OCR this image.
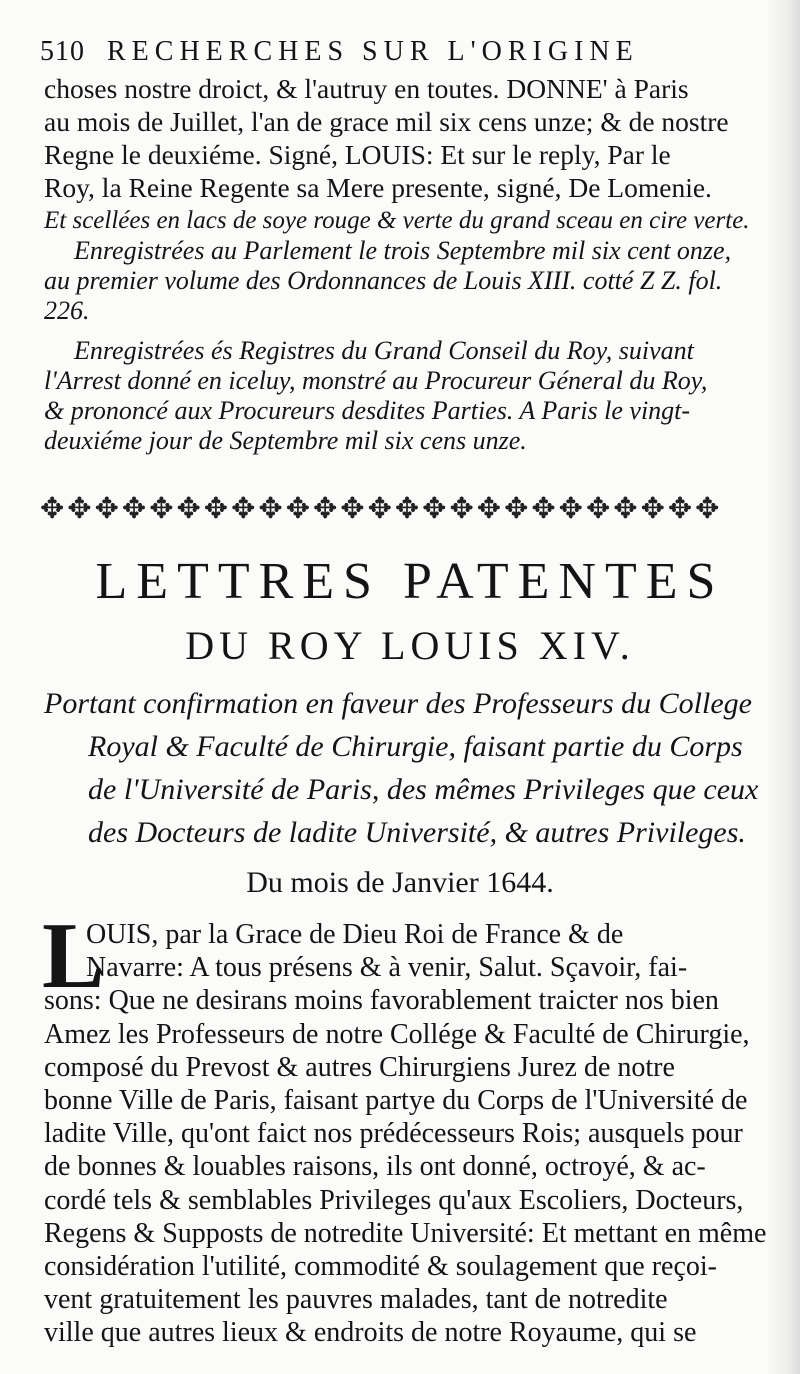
510 RECHERCHES SUR L'ORIGINE
choses nostre droict, & l'autruy en toutes. DONNE' à Paris
au mois de Juillet, l'an de grace mil six cens unze; & de nostre
Regne le deuxiéme. Signé, LOUIS: Et sur le reply, Par le
Roy, la Reine Regente sa Mere presente, signé, De Lomenie.
Et scellées en lacs de soye rouge & verte du grand sceau en cire verte.
Enregistrées au Parlement le trois Septembre mil six cent onze,
au premier volume des Ordonnances de Louis XIII. cotté Z Z. fol.
226.
Enregistrées és Registres du Grand Conseil du Roy, suivant
l'Arrest donné en iceluy, monstré au Procureur Géneral du Roy,
& prononcé aux Procureurs desdites Parties. A Paris le vingt-
deuxiéme jour de Septembre mil six cens unze.
✥✥✥✥✥✥✥✥✥✥✥✥✥✥✥✥✥✥✥✥✥✥✥✥✥
LETTRES PATENTES
DU ROY LOUIS XIV.
Portant confirmation en faveur des Professeurs du College
Royal & Faculté de Chirurgie, faisant partie du Corps
de l'Université de Paris, des mêmes Privileges que ceux
des Docteurs de ladite Université, & autres Privileges.
Du mois de Janvier 1644.
L
OUIS, par la Grace de Dieu Roi de France & de
Navarre: A tous présens & à venir, Salut. Sçavoir, fai-
sons: Que ne desirans moins favorablement traicter nos bien
Amez les Professeurs de notre Collége & Faculté de Chirurgie,
composé du Prevost & autres Chirurgiens Jurez de notre
bonne Ville de Paris, faisant partye du Corps de l'Université de
ladite Ville, qu'ont faict nos prédécesseurs Rois; ausquels pour
de bonnes & louables raisons, ils ont donné, octroyé, & ac-
cordé tels & semblables Privileges qu'aux Escoliers, Docteurs,
Regens & Supposts de notredite Université: Et mettant en même
considération l'utilité, commodité & soulagement que reçoi-
vent gratuitement les pauvres malades, tant de notredite
ville que autres lieux & endroits de notre Royaume, qui se
